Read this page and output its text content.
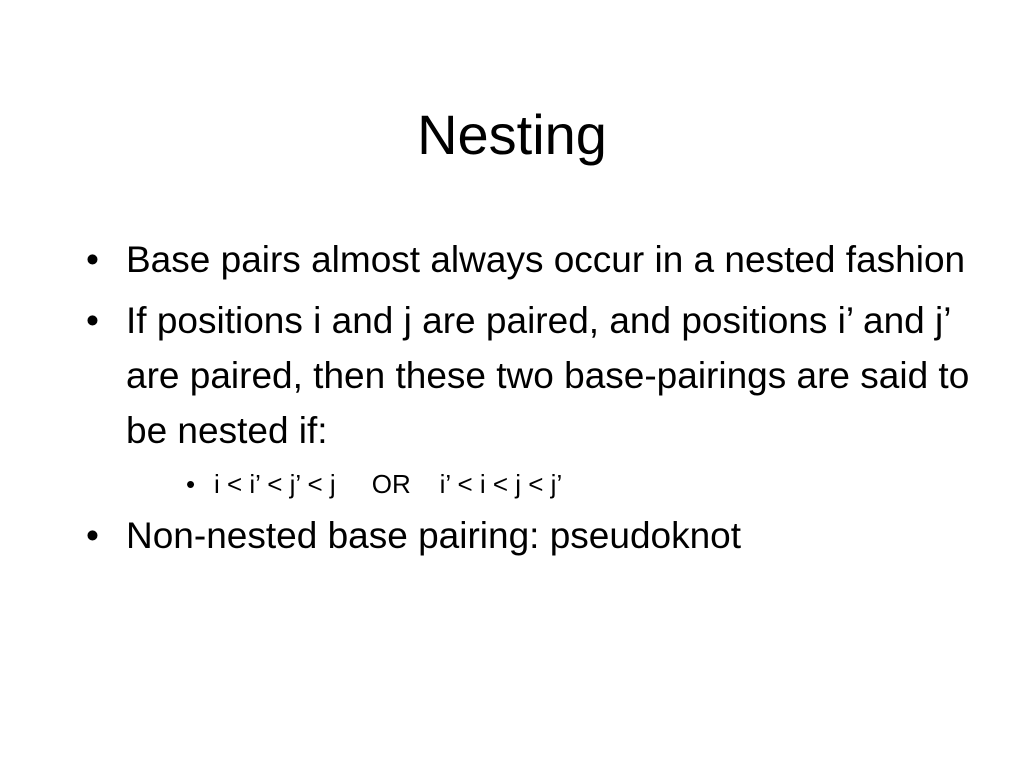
Nesting
• Base pairs almost always occur in a nested fashion
• If positions i and j are paired, and positions i’ and j’ are paired, then these two base-pairings are said to be nested if:
• i < i’ < j’ < j     OR    i’ < i < j < j’
• Non-nested base pairing: pseudoknot
